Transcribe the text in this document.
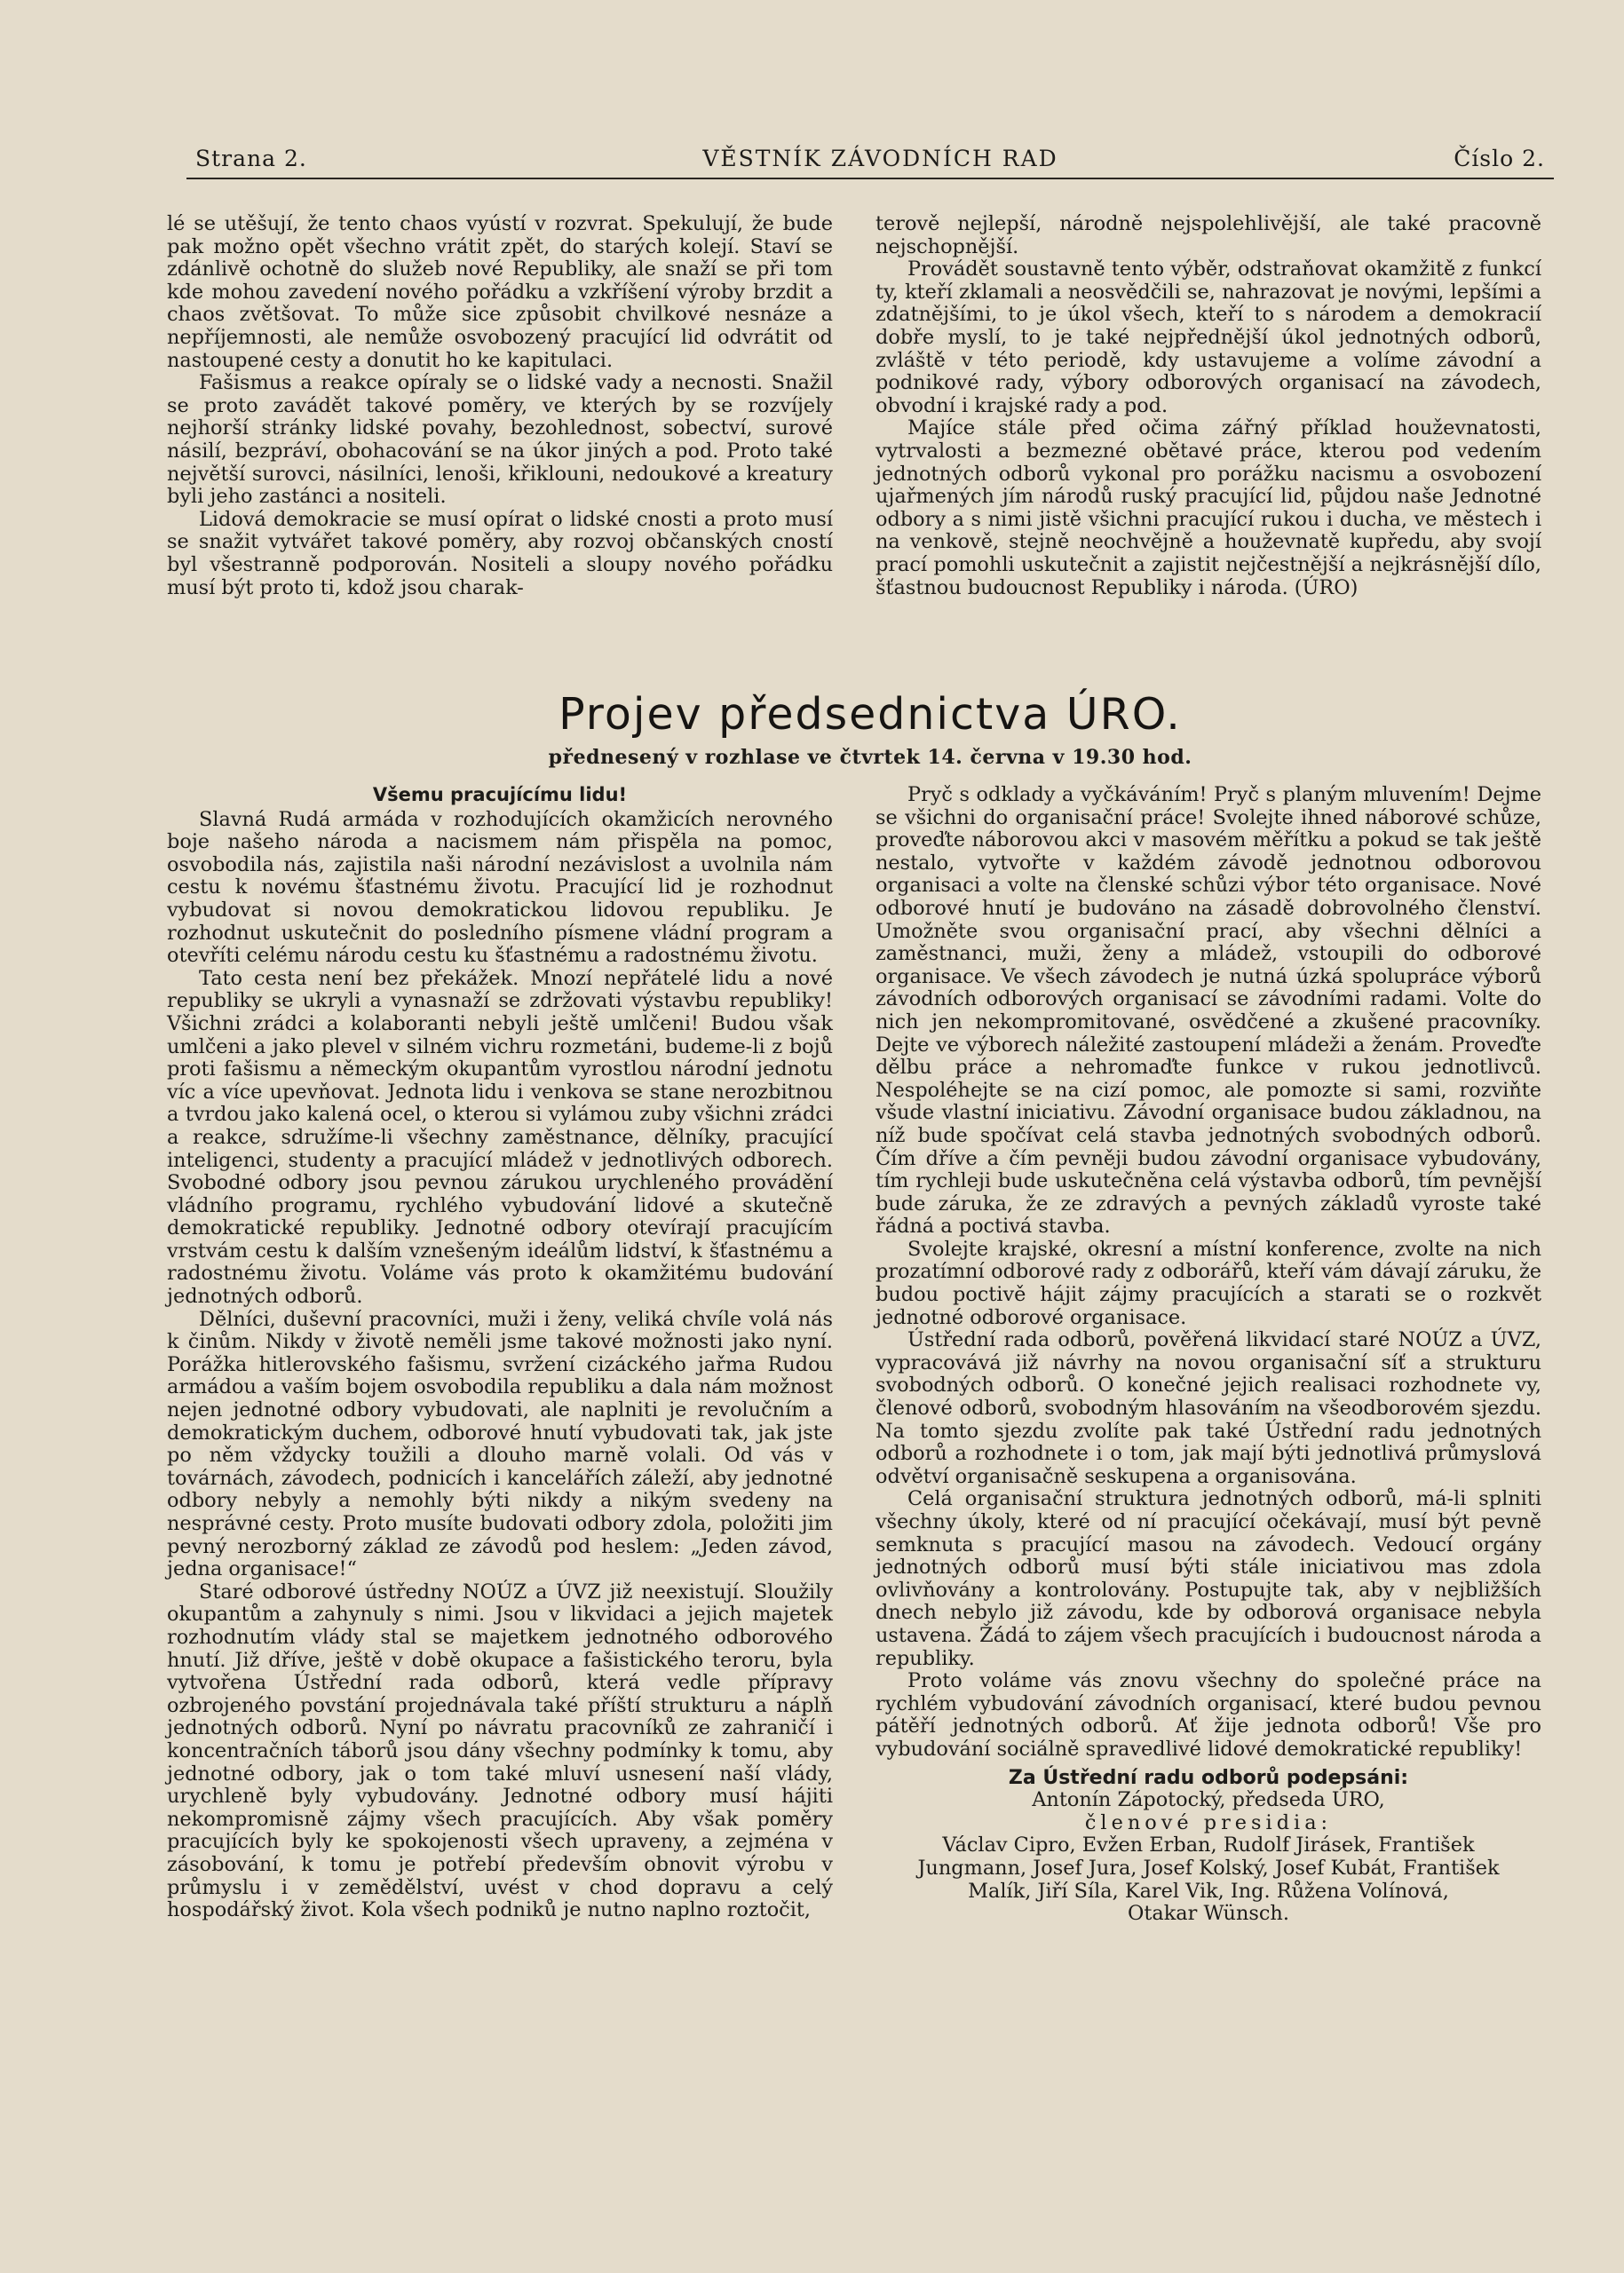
Strana 2.	VĚSTNÍK ZÁVODNÍCH RAD	Číslo 2.

lé se utěšují, že tento chaos vyústí v rozvrat. Spekulují, že bude pak možno opět všechno vrátit zpět, do starých kolejí. Staví se zdánlivě ochotně do služeb nové Republiky, ale snaží se při tom kde mohou zavedení nového pořádku a vzkříšení výroby brzdit a chaos zvětšovat. To může sice způsobit chvilkové nesnáze a nepříjemnosti, ale nemůže osvobozený pracující lid odvrátit od nastoupené cesty a donutit ho ke kapitulaci.

Fašismus a reakce opíraly se o lidské vady a necnosti. Snažil se proto zavádět takové poměry, ve kterých by se rozvíjely nejhorší stránky lidské povahy, bezohlednost, sobectví, surové násilí, bezpráví, obohacování se na úkor jiných a pod. Proto také největší surovci, násilníci, lenoši, křiklouni, nedoukové a kreatury byli jeho zastánci a nositeli.

Lidová demokracie se musí opírat o lidské cnosti a proto musí se snažit vytvářet takové poměry, aby rozvoj občanských cností byl všestranně podporován. Nositeli a sloupy nového pořádku musí být proto ti, kdož jsou charak-

terově nejlepší, národně nejspolehlivější, ale také pracovně nejschopnější.

Provádět soustavně tento výběr, odstraňovat okamžitě z funkcí ty, kteří zklamali a neosvědčili se, nahrazovat je novými, lepšími a zdatnějšími, to je úkol všech, kteří to s národem a demokracií dobře myslí, to je také nejpřednější úkol jednotných odborů, zvláště v této periodě, kdy ustavujeme a volíme závodní a podnikové rady, výbory odborových organisací na závodech, obvodní i krajské rady a pod.

Majíce stále před očima zářný příklad houževnatosti, vytrvalosti a bezmezné obětavé práce, kterou pod vedením jednotných odborů vykonal pro porážku nacismu a osvobození ujařmených jím národů ruský pracující lid, půjdou naše Jednotné odbory a s nimi jistě všichni pracující rukou i ducha, ve městech i na venkově, stejně neochvějně a houževnatě kupředu, aby svojí prací pomohli uskutečnit a zajistit nejčestnější a nejkrásnější dílo, šťastnou budoucnost Republiky i národa. (ÚRO)

Projev předsednictva ÚRO.
přednesený v rozhlase ve čtvrtek 14. června v 19.30 hod.

Všemu pracujícímu lidu!

Slavná Rudá armáda v rozhodujících okamžicích nerovného boje našeho národa a nacismem nám přispěla na pomoc, osvobodila nás, zajistila naši národní nezávislost a uvolnila nám cestu k novému šťastnému životu. Pracující lid je rozhodnut vybudovat si novou demokratickou lidovou republiku. Je rozhodnut uskutečnit do posledního písmene vládní program a otevříti celému národu cestu ku šťastnému a radostnému životu.

Tato cesta není bez překážek. Mnozí nepřátelé lidu a nové republiky se ukryli a vynasnaží se zdržovati výstavbu republiky! Všichni zrádci a kolaboranti nebyli ještě umlčeni! Budou však umlčeni a jako plevel v silném vichru rozmetáni, budeme-li z bojů proti fašismu a německým okupantům vyrostlou národní jednotu víc a více upevňovat. Jednota lidu i venkova se stane nerozbitnou a tvrdou jako kalená ocel, o kterou si vylámou zuby všichni zrádci a reakce, sdružíme-li všechny zaměstnance, dělníky, pracující inteligenci, studenty a pracující mládež v jednotlivých odborech. Svobodné odbory jsou pevnou zárukou urychleného provádění vládního programu, rychlého vybudování lidové a skutečně demokratické republiky. Jednotné odbory otevírají pracujícím vrstvám cestu k dalším vznešeným ideálům lidství, k šťastnému a radostnému životu. Voláme vás proto k okamžitému budování jednotných odborů.

Dělníci, duševní pracovníci, muži i ženy, veliká chvíle volá nás k činům. Nikdy v životě neměli jsme takové možnosti jako nyní. Porážka hitlerovského fašismu, svržení cizáckého jařma Rudou armádou a vaším bojem osvobodila republiku a dala nám možnost nejen jednotné odbory vybudovati, ale naplniti je revolučním a demokratickým duchem, odborové hnutí vybudovati tak, jak jste po něm vždycky toužili a dlouho marně volali. Od vás v továrnách, závodech, podnicích i kancelářích záleží, aby jednotné odbory nebyly a nemohly býti nikdy a nikým svedeny na nesprávné cesty. Proto musíte budovati odbory zdola, položiti jim pevný nerozborný základ ze závodů pod heslem: „Jeden závod, jedna organisace!“

Staré odborové ústředny NOÚZ a ÚVZ již neexistují. Sloužily okupantům a zahynuly s nimi. Jsou v likvidaci a jejich majetek rozhodnutím vlády stal se majetkem jednotného odborového hnutí. Již dříve, ještě v době okupace a fašistického teroru, byla vytvořena Ústřední rada odborů, která vedle přípravy ozbrojeného povstání projednávala také příští strukturu a náplň jednotných odborů. Nyní po návratu pracovníků ze zahraničí i koncentračních táborů jsou dány všechny podmínky k tomu, aby jednotné odbory, jak o tom také mluví usnesení naší vlády, urychleně byly vybudovány. Jednotné odbory musí hájiti nekompromisně zájmy všech pracujících. Aby však poměry pracujících byly ke spokojenosti všech upraveny, a zejména v zásobování, k tomu je potřebí především obnovit výrobu v průmyslu i v zemědělství, uvést v chod dopravu a celý hospodářský život. Kola všech podniků je nutno naplno roztočit,

Pryč s odklady a vyčkáváním! Pryč s planým mluvením! Dejme se všichni do organisační práce! Svolejte ihned náborové schůze, proveďte náborovou akci v masovém měřítku a pokud se tak ještě nestalo, vytvořte v každém závodě jednotnou odborovou organisaci a volte na členské schůzi výbor této organisace. Nové odborové hnutí je budováno na zásadě dobrovolného členství. Umožněte svou organisační prací, aby všechni dělníci a zaměstnanci, muži, ženy a mládež, vstoupili do odborové organisace. Ve všech závodech je nutná úzká spolupráce výborů závodních odborových organisací se závodními radami. Volte do nich jen nekompromitované, osvědčené a zkušené pracovníky. Dejte ve výborech náležité zastoupení mládeži a ženám. Proveďte dělbu práce a nehromaďte funkce v rukou jednotlivců. Nespoléhejte se na cizí pomoc, ale pomozte si sami, rozviňte všude vlastní iniciativu. Závodní organisace budou základnou, na níž bude spočívat celá stavba jednotných svobodných odborů. Čím dříve a čím pevněji budou závodní organisace vybudovány, tím rychleji bude uskutečněna celá výstavba odborů, tím pevnější bude záruka, že ze zdravých a pevných základů vyroste také řádná a poctivá stavba.

Svolejte krajské, okresní a místní konference, zvolte na nich prozatímní odborové rady z odborářů, kteří vám dávají záruku, že budou poctivě hájit zájmy pracujících a starati se o rozkvět jednotné odborové organisace.

Ústřední rada odborů, pověřená likvidací staré NOÚZ a ÚVZ, vypracovává již návrhy na novou organisační síť a strukturu svobodných odborů. O konečné jejich realisaci rozhodnete vy, členové odborů, svobodným hlasováním na všeodborovém sjezdu. Na tomto sjezdu zvolíte pak také Ústřední radu jednotných odborů a rozhodnete i o tom, jak mají býti jednotlivá průmyslová odvětví organisačně seskupena a organisována.

Celá organisační struktura jednotných odborů, má-li splniti všechny úkoly, které od ní pracující očekávají, musí být pevně semknuta s pracující masou na závodech. Vedoucí orgány jednotných odborů musí býti stále iniciativou mas zdola ovlivňovány a kontrolovány. Postupujte tak, aby v nejbližších dnech nebylo již závodu, kde by odborová organisace nebyla ustavena. Žádá to zájem všech pracujících i budoucnost národa a republiky.

Proto voláme vás znovu všechny do společné práce na rychlém vybudování závodních organisací, které budou pevnou pátěří jednotných odborů. Ať žije jednota odborů! Vše pro vybudování sociálně spravedlivé lidové demokratické republiky!

Za Ústřední radu odborů podepsáni:
Antonín Zápotocký, předseda ÚRO,
členové presidia:
Václav Cipro, Evžen Erban, Rudolf Jirásek, František
Jungmann, Josef Jura, Josef Kolský, Josef Kubát, František
Malík, Jiří Síla, Karel Vik, Ing. Růžena Volínová,
Otakar Wünsch.
